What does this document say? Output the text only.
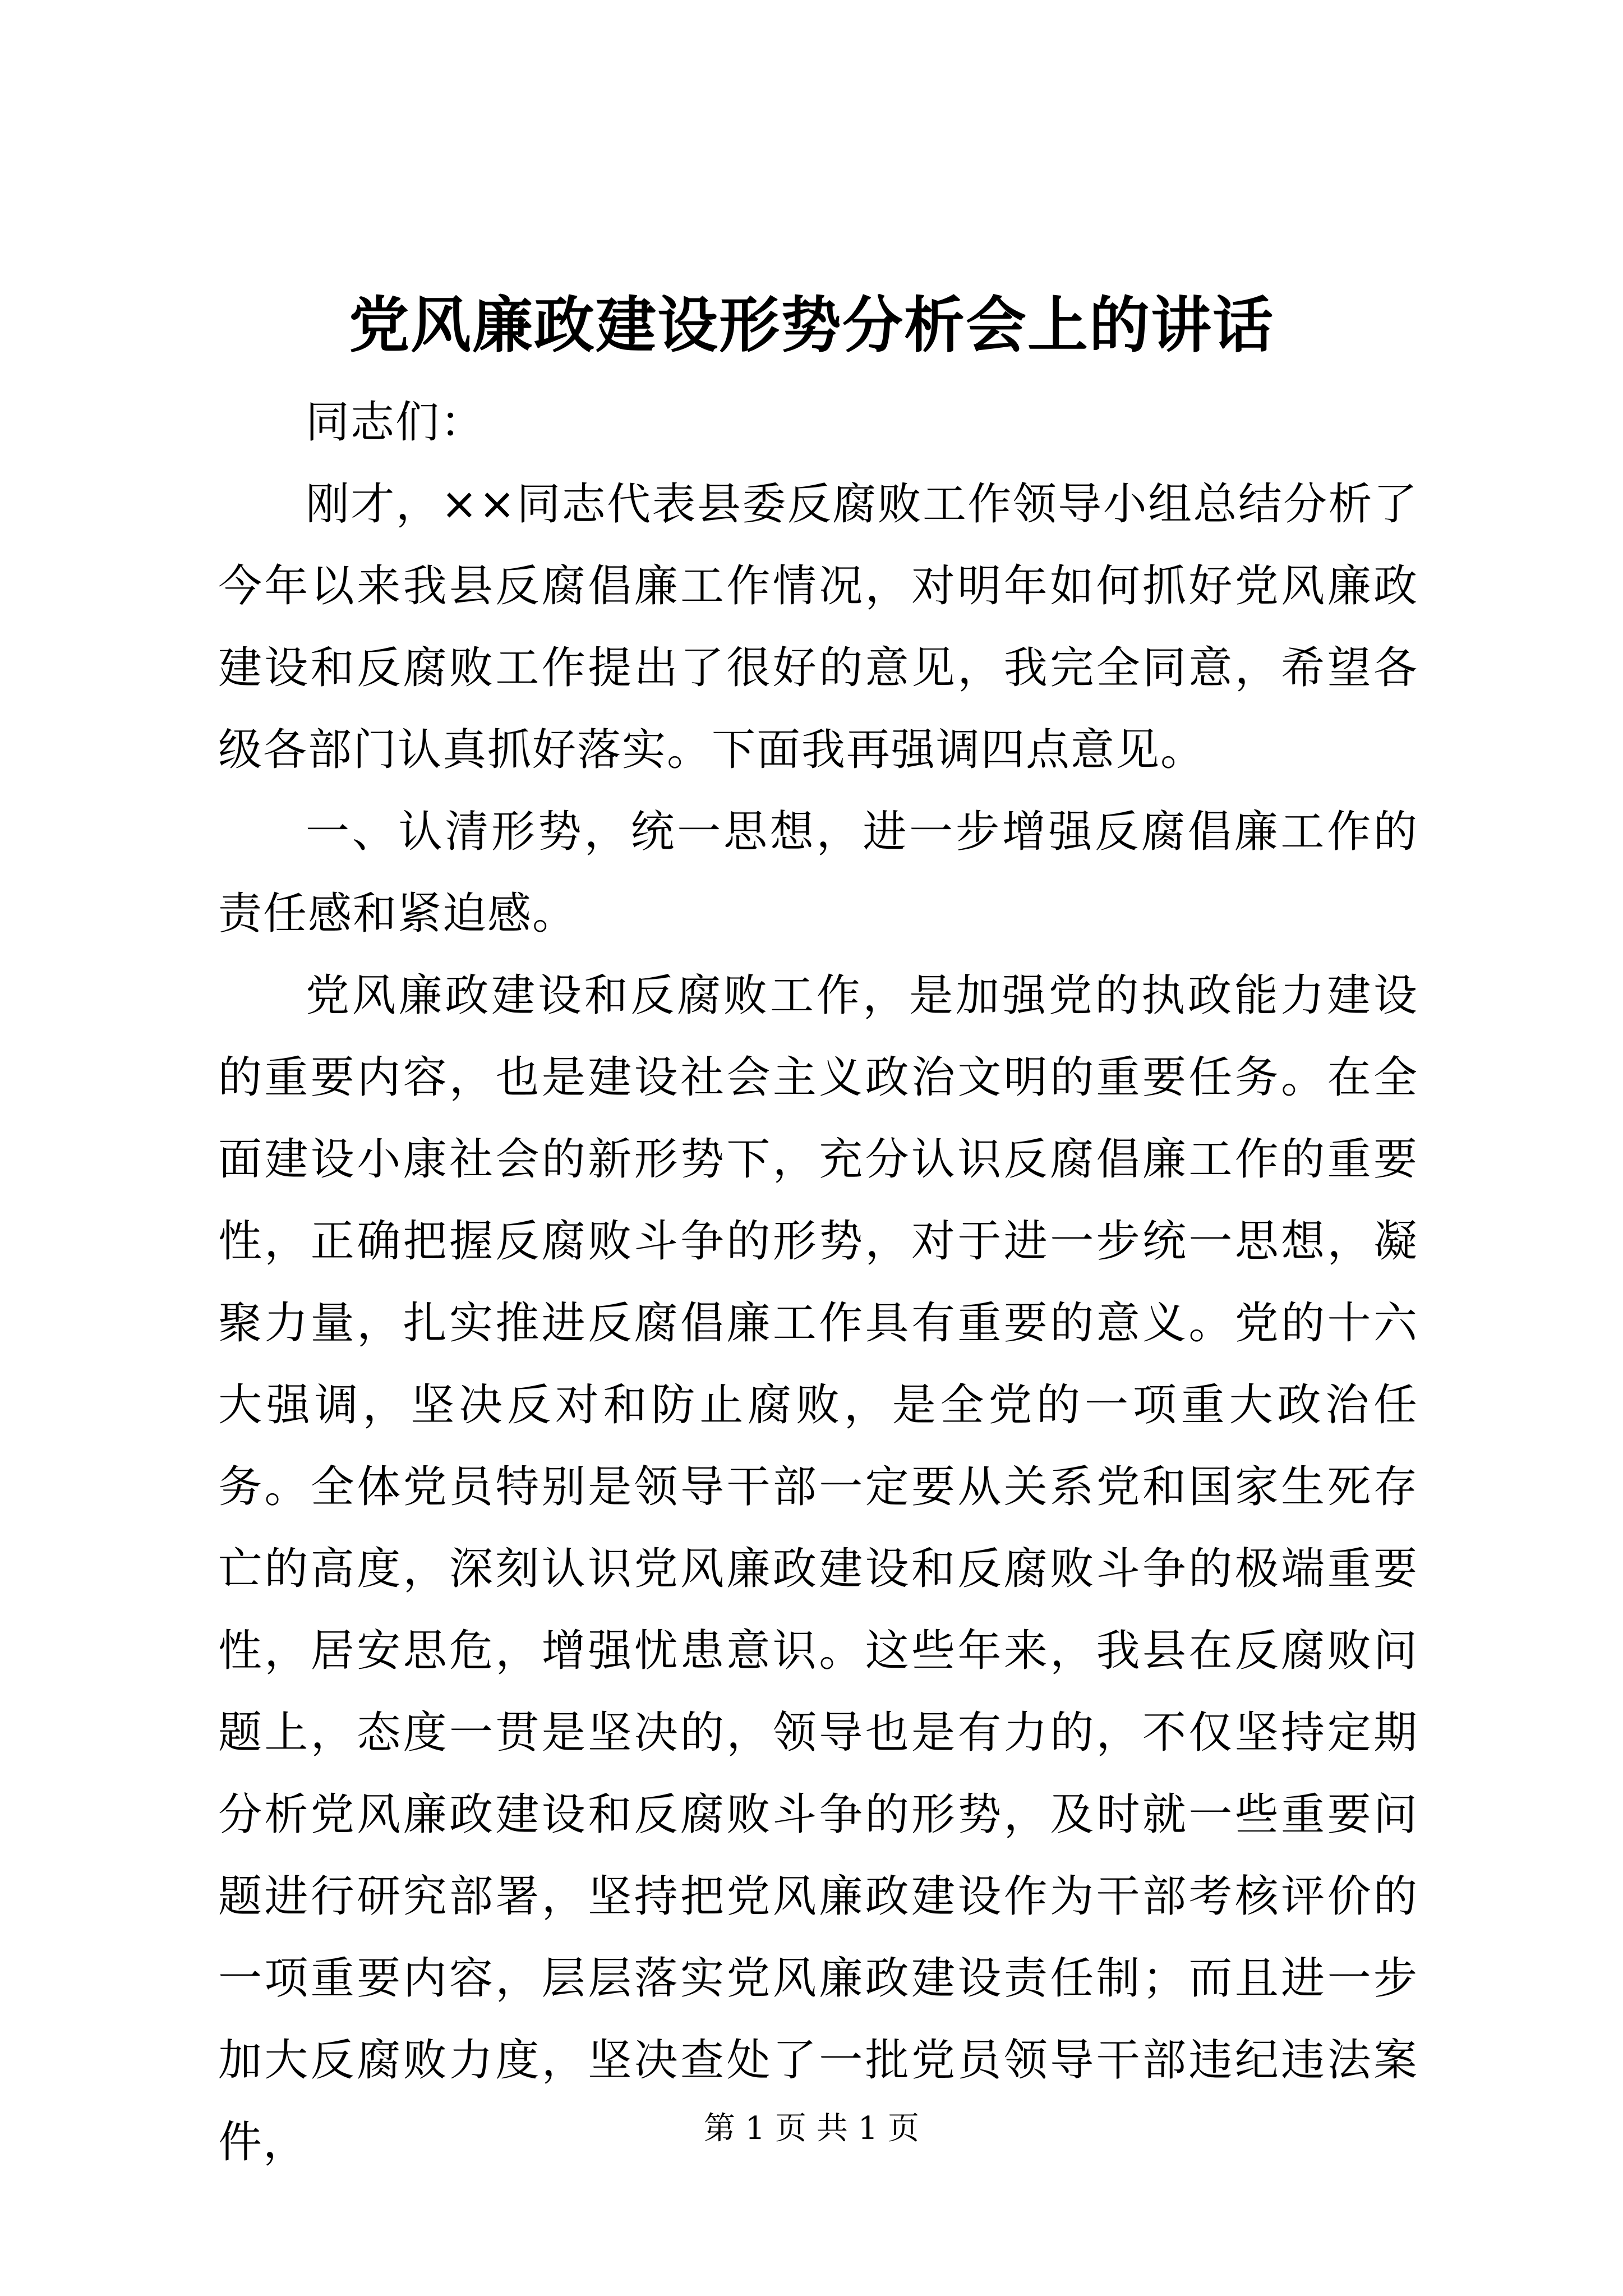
党风廉政建设形势分析会上的讲话

同志们：

刚才，××同志代表县委反腐败工作领导小组总结分析了今年以来我县反腐倡廉工作情况，对明年如何抓好党风廉政建设和反腐败工作提出了很好的意见，我完全同意，希望各级各部门认真抓好落实。下面我再强调四点意见。

一、认清形势，统一思想，进一步增强反腐倡廉工作的责任感和紧迫感。

党风廉政建设和反腐败工作，是加强党的执政能力建设的重要内容，也是建设社会主义政治文明的重要任务。在全面建设小康社会的新形势下，充分认识反腐倡廉工作的重要性，正确把握反腐败斗争的形势，对于进一步统一思想，凝聚力量，扎实推进反腐倡廉工作具有重要的意义。党的十六大强调，坚决反对和防止腐败，是全党的一项重大政治任务。全体党员特别是领导干部一定要从关系党和国家生死存亡的高度，深刻认识党风廉政建设和反腐败斗争的极端重要性，居安思危，增强忧患意识。这些年来，我县在反腐败问题上，态度一贯是坚决的，领导也是有力的，不仅坚持定期分析党风廉政建设和反腐败斗争的形势，及时就一些重要问题进行研究部署，坚持把党风廉政建设作为干部考核评价的一项重要内容，层层落实党风廉政建设责任制；而且进一步加大反腐败力度，坚决查处了一批党员领导干部违纪违法案件，	第 1 页 共 1 页
